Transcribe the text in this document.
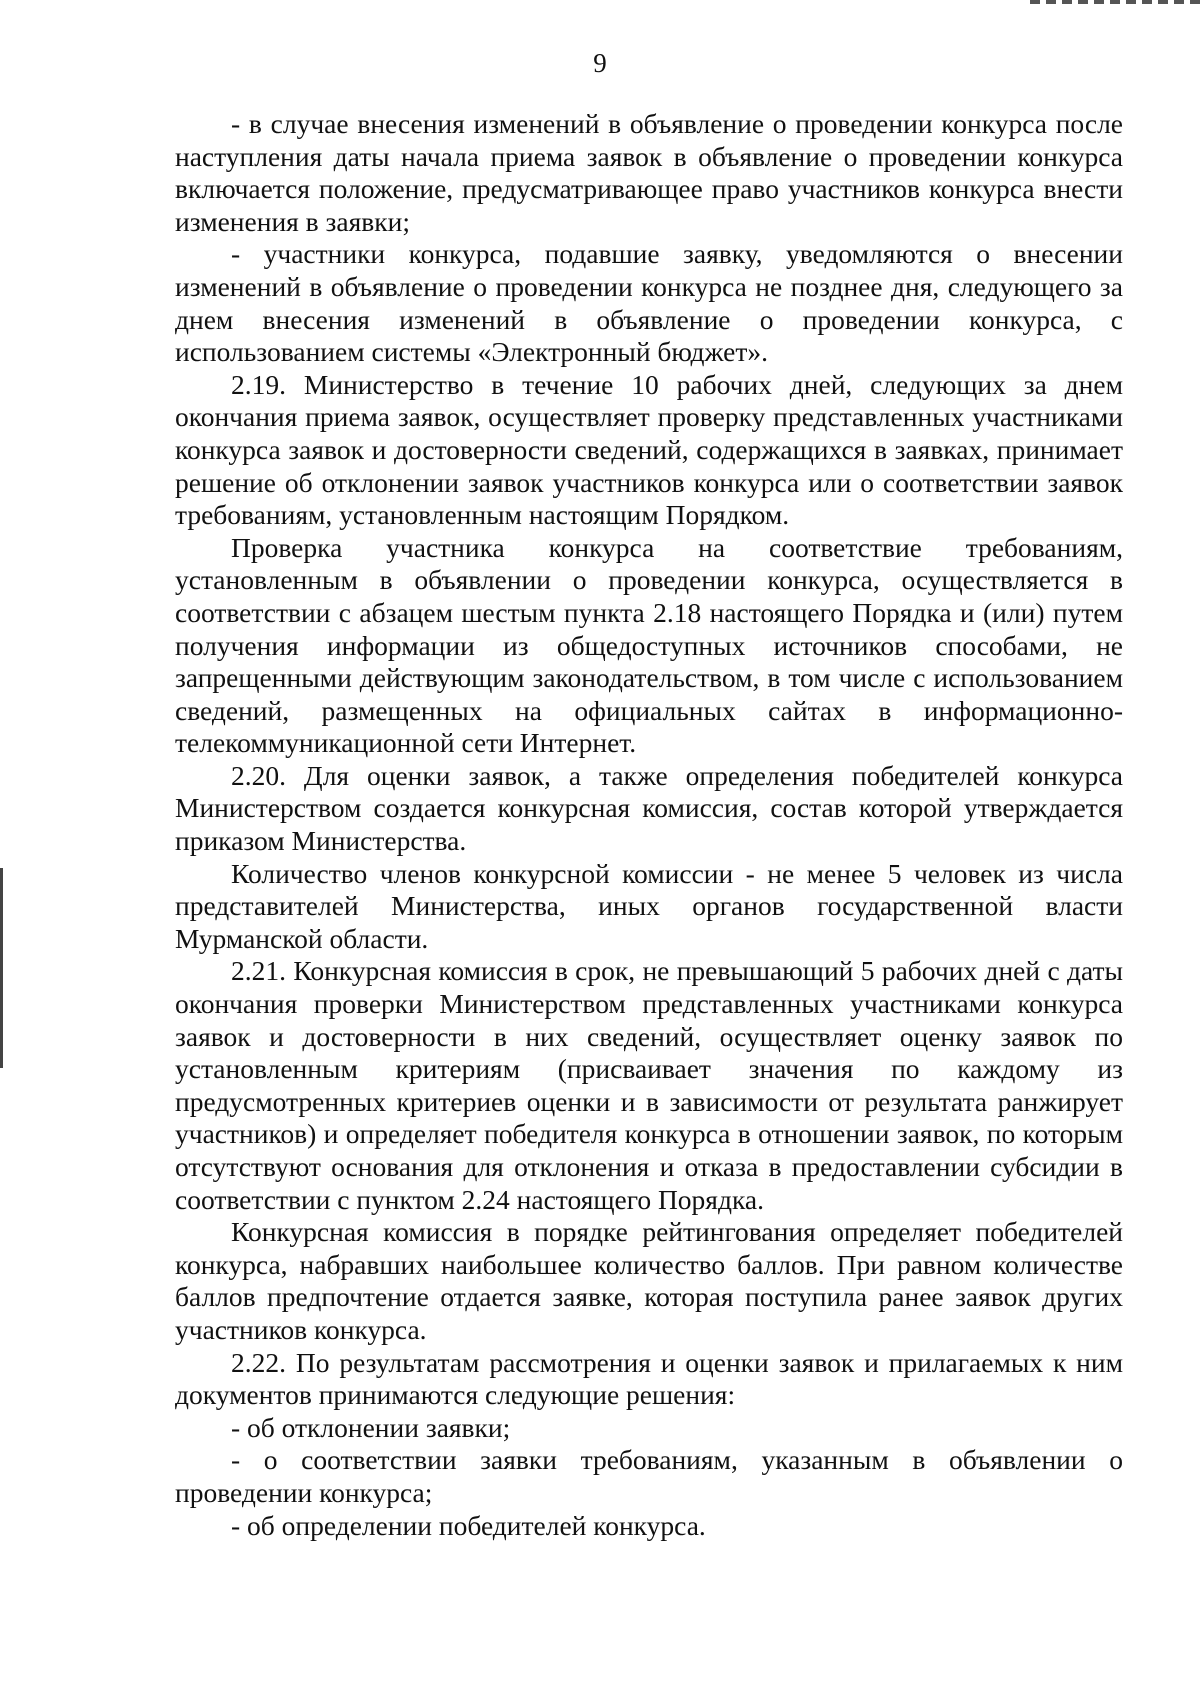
9

- в случае внесения изменений в объявление о проведении конкурса после наступления даты начала приема заявок в объявление о проведении конкурса включается положение, предусматривающее право участников конкурса внести изменения в заявки;

- участники конкурса, подавшие заявку, уведомляются о внесении изменений в объявление о проведении конкурса не позднее дня, следующего за днем внесения изменений в объявление о проведении конкурса, с использованием системы «Электронный бюджет».

2.19. Министерство в течение 10 рабочих дней, следующих за днем окончания приема заявок, осуществляет проверку представленных участниками конкурса заявок и достоверности сведений, содержащихся в заявках, принимает решение об отклонении заявок участников конкурса или о соответствии заявок требованиям, установленным настоящим Порядком.

Проверка участника конкурса на соответствие требованиям, установленным в объявлении о проведении конкурса, осуществляется в соответствии с абзацем шестым пункта 2.18 настоящего Порядка и (или) путем получения информации из общедоступных источников способами, не запрещенными действующим законодательством, в том числе с использованием сведений, размещенных на официальных сайтах в информационно-телекоммуникационной сети Интернет.

2.20. Для оценки заявок, а также определения победителей конкурса Министерством создается конкурсная комиссия, состав которой утверждается приказом Министерства.

Количество членов конкурсной комиссии - не менее 5 человек из числа представителей Министерства, иных органов государственной власти Мурманской области.

2.21. Конкурсная комиссия в срок, не превышающий 5 рабочих дней с даты окончания проверки Министерством представленных участниками конкурса заявок и достоверности в них сведений, осуществляет оценку заявок по установленным критериям (присваивает значения по каждому из предусмотренных критериев оценки и в зависимости от результата ранжирует участников) и определяет победителя конкурса в отношении заявок, по которым отсутствуют основания для отклонения и отказа в предоставлении субсидии в соответствии с пунктом 2.24 настоящего Порядка.

Конкурсная комиссия в порядке рейтингования определяет победителей конкурса, набравших наибольшее количество баллов. При равном количестве баллов предпочтение отдается заявке, которая поступила ранее заявок других участников конкурса.

2.22. По результатам рассмотрения и оценки заявок и прилагаемых к ним документов принимаются следующие решения:

- об отклонении заявки;

- о соответствии заявки требованиям, указанным в объявлении о проведении конкурса;

- об определении победителей конкурса.
